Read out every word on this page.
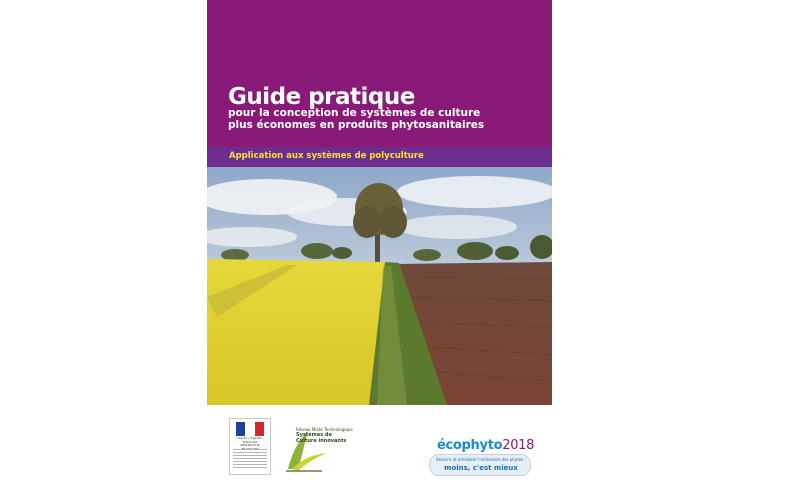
Guide pratique
pour la conception de systèmes de culture
plus économes en produits phytosanitaires
Application aux systèmes de polyculture
Liberté • Égalité • Fraternité RÉPUBLIQUE
Réseau Mixte Technologique
Systèmes de
Culture innovants	écophyto2018
Réduire et améliorer l'utilisation des phytos :
moins, c'est mieux
